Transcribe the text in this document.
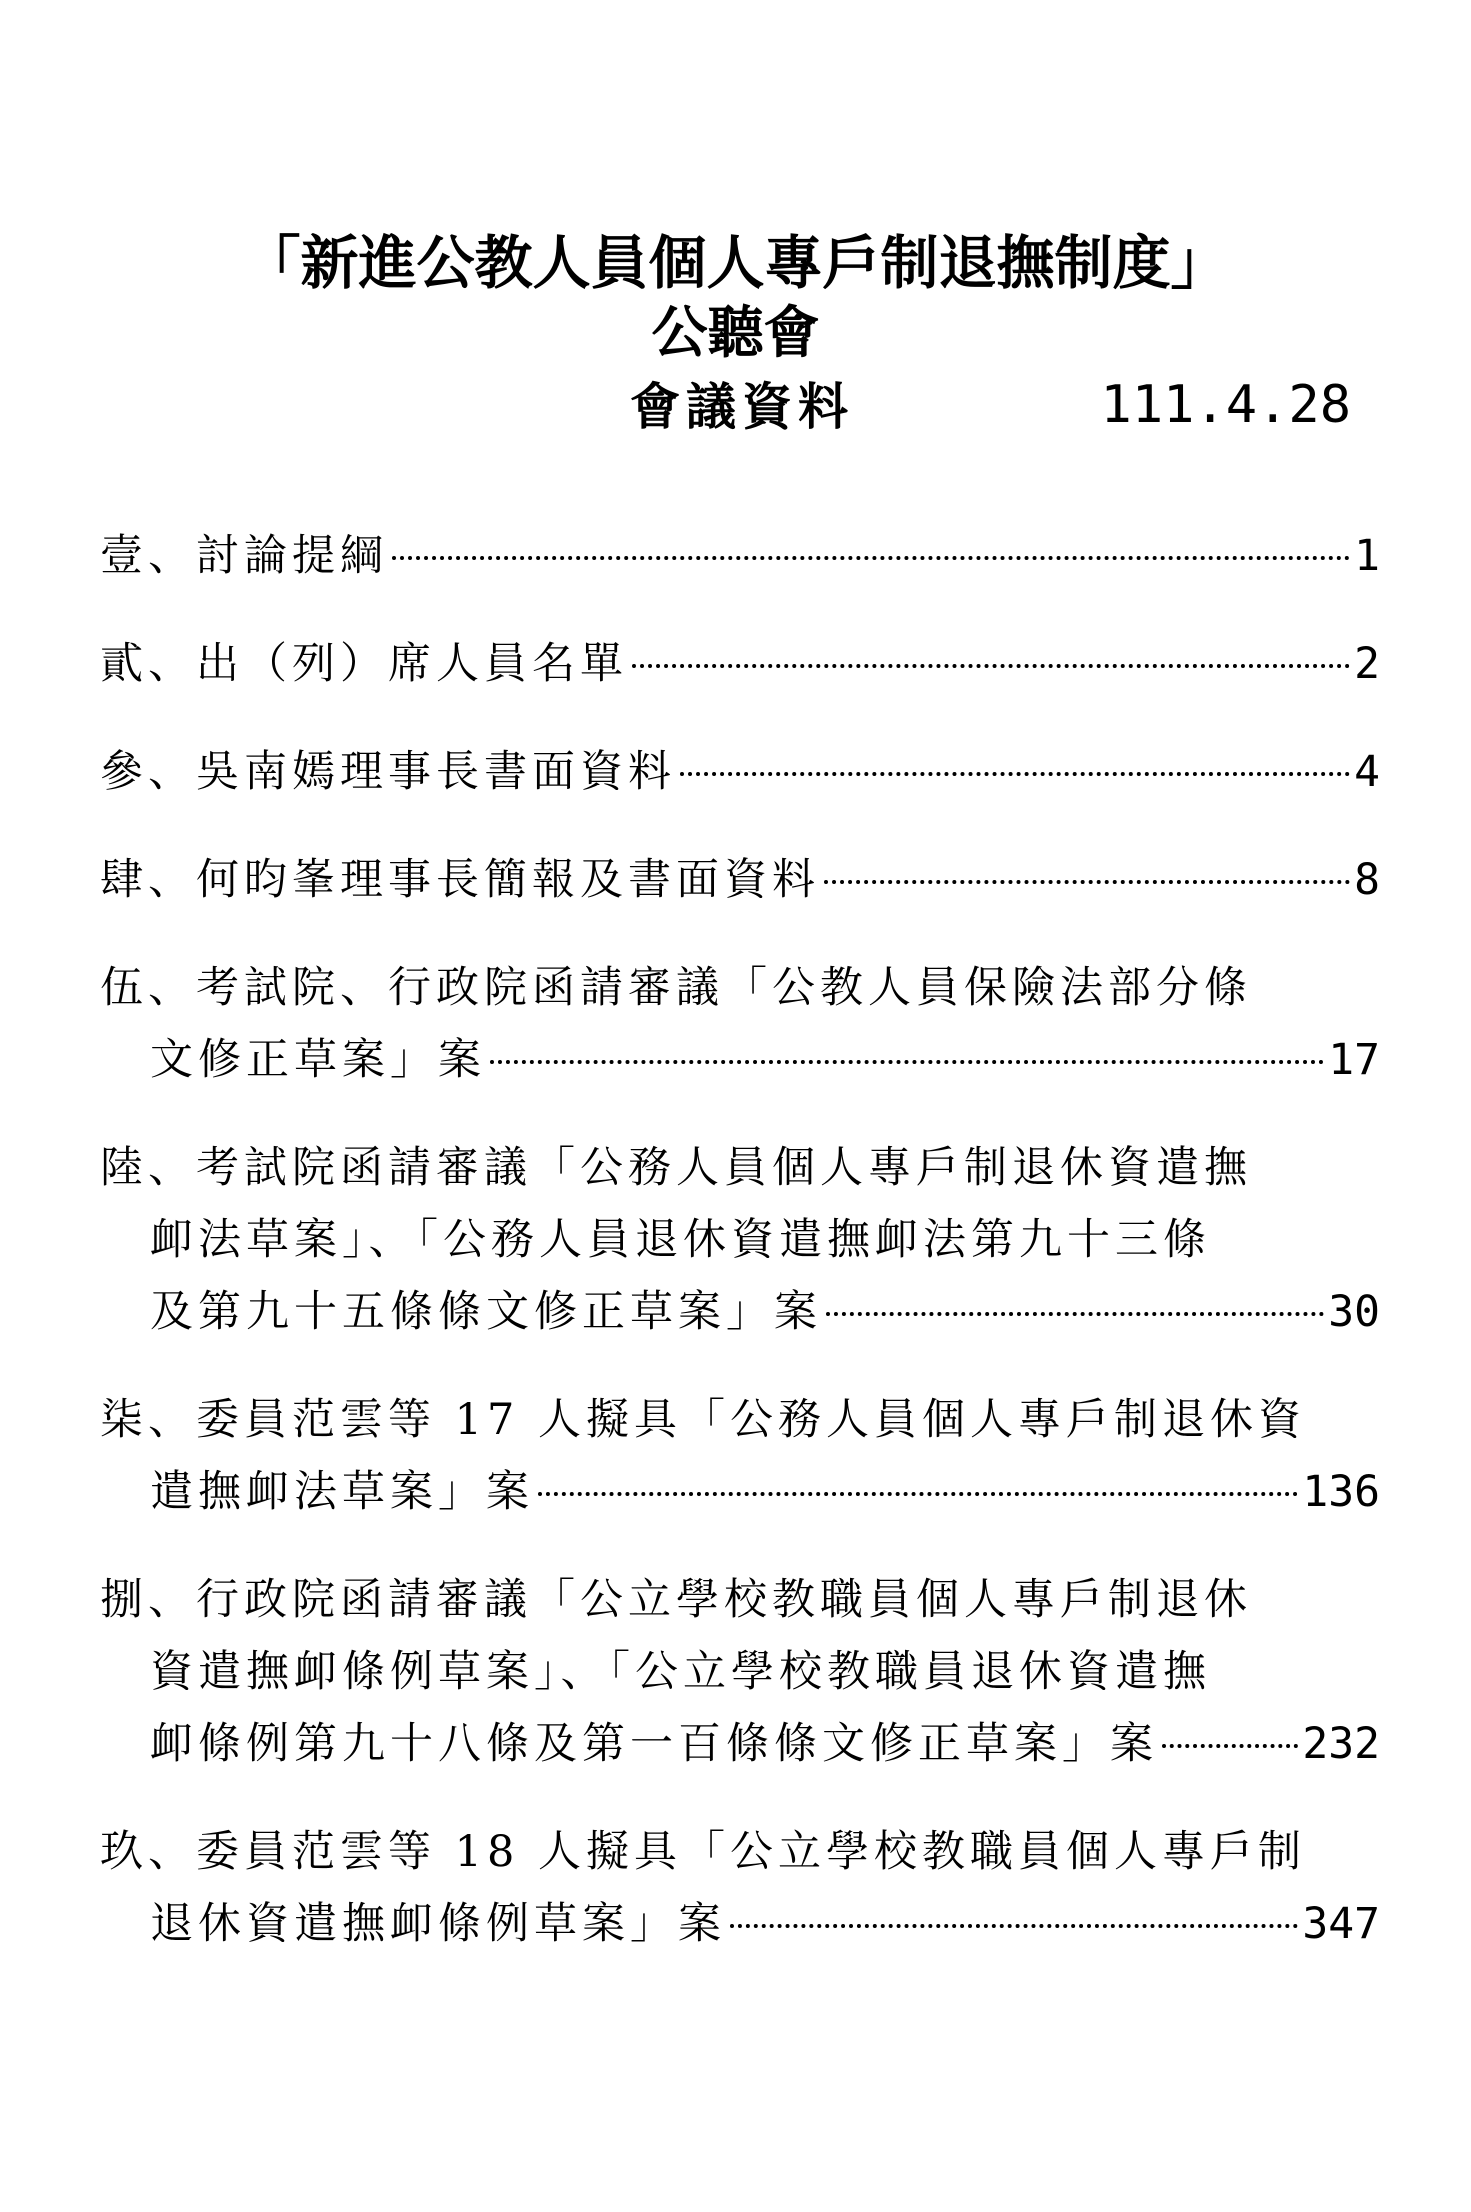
「新進公教人員個人專戶制退撫制度」
公聽會
會議資料	111.4.28
壹、討論提綱	1
貳、出（列）席人員名單	2
參、吳南嫣理事長書面資料	4
肆、何昀峯理事長簡報及書面資料	8
伍、考試院、行政院函請審議「公教人員保險法部分條
文修正草案」案	17
陸、考試院函請審議「公務人員個人專戶制退休資遣撫
卹法草案」、「公務人員退休資遣撫卹法第九十三條
及第九十五條條文修正草案」案	30
柒、委員范雲等 17 人擬具「公務人員個人專戶制退休資
遣撫卹法草案」案	136
捌、行政院函請審議「公立學校教職員個人專戶制退休
資遣撫卹條例草案」、「公立學校教職員退休資遣撫
卹條例第九十八條及第一百條條文修正草案」案	232
玖、委員范雲等 18 人擬具「公立學校教職員個人專戶制
退休資遣撫卹條例草案」案	347
